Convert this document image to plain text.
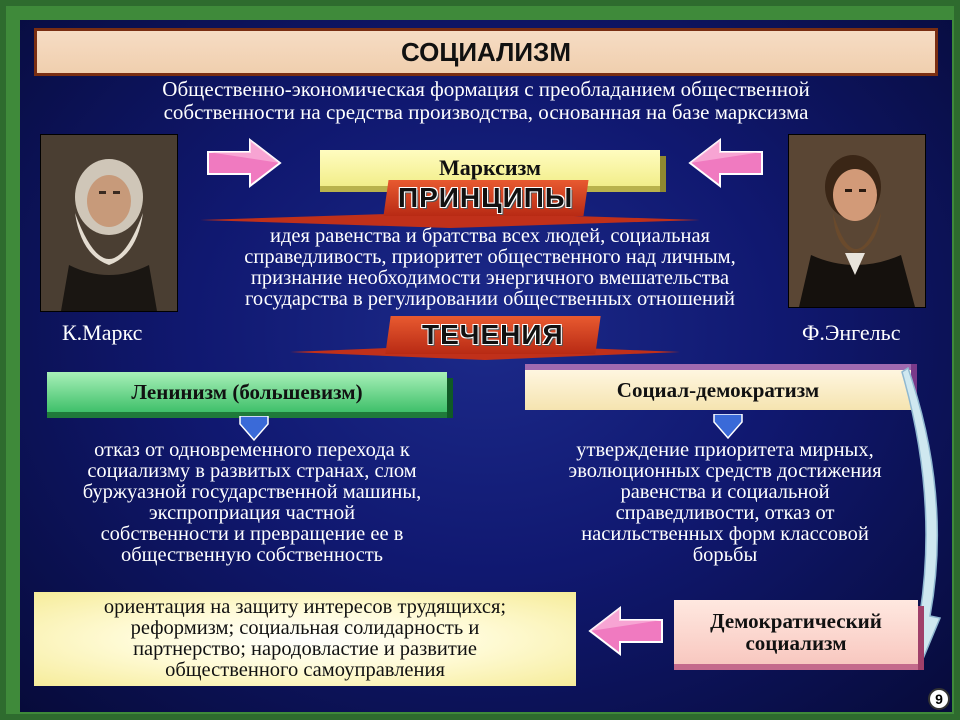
СОЦИАЛИЗМ
Общественно-экономическая формация с преобладанием общественной
собственности на средства производства, основанная на базе марксизма
К.Маркс	Ф.Энгельс
Марксизм
ПРИНЦИПЫ
идея равенства и братства всех людей, социальная
справедливость, приоритет общественного над личным,
признание необходимости энергичного вмешательства
государства в регулировании общественных отношений
ТЕЧЕНИЯ
Ленинизм (большевизм)
отказ от одновременного перехода к
социализму в развитых странах, слом
буржуазной государственной машины,
экспроприация частной
собственности и превращение ее в
общественную собственность
Социал-демократизм
утверждение приоритета мирных,
эволюционных средств достижения
равенства и социальной
справедливости, отказ от
насильственных форм классовой
борьбы
Демократический
социализм
ориентация на защиту интересов трудящихся;
реформизм; социальная солидарность и
партнерство; народовластие и развитие
общественного самоуправления
9
